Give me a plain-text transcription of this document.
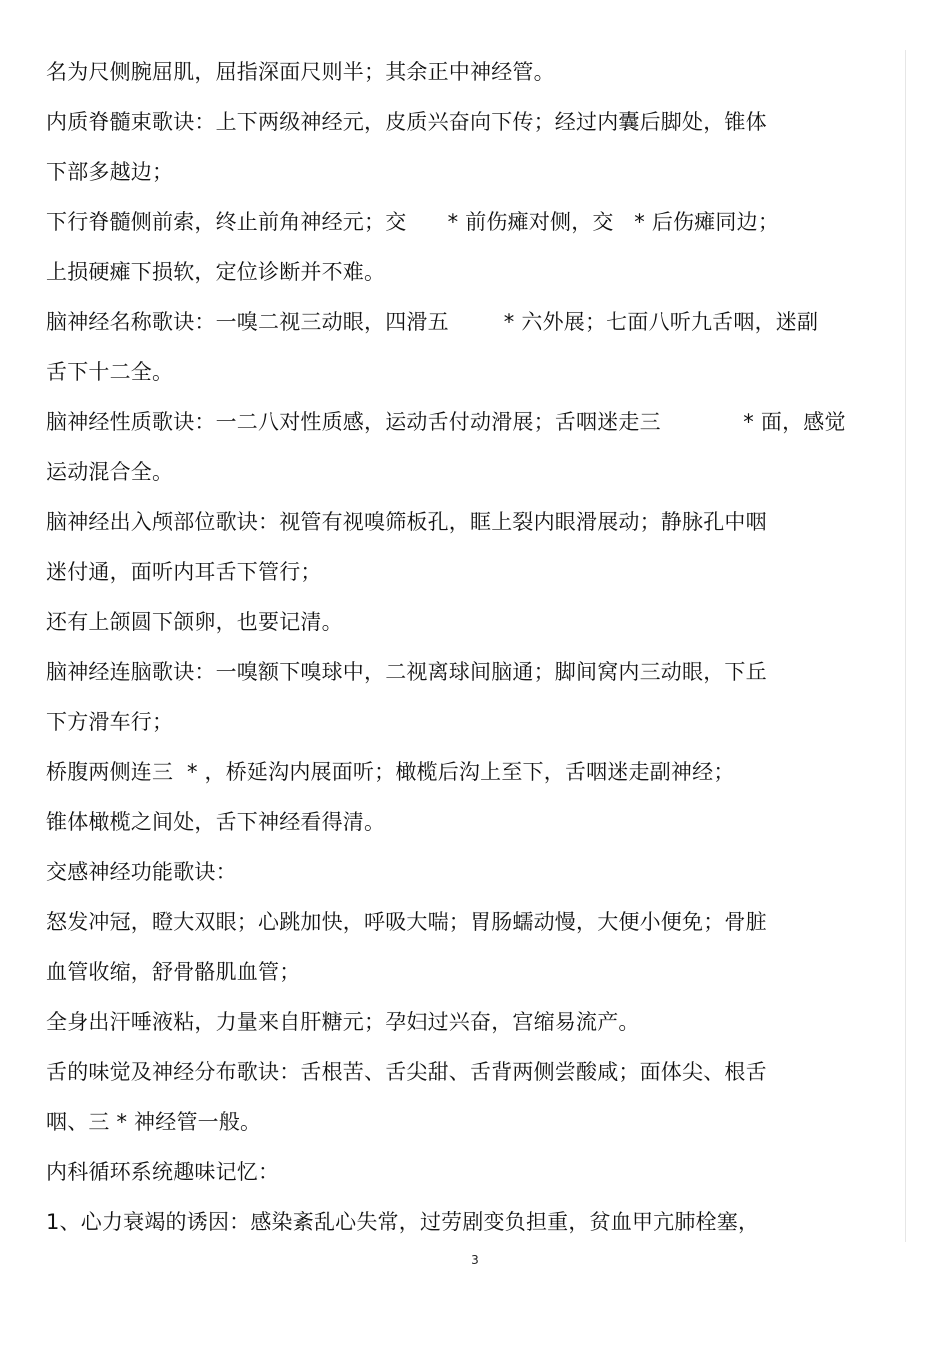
名为尺侧腕屈肌，屈指深面尺则半；其余正中神经管。
内质脊髓束歌诀：上下两级神经元，皮质兴奋向下传；经过内囊后脚处，锥体
下部多越边；
下行脊髓侧前索，终止前角神经元；交      * 前伤瘫对侧，交   * 后伤瘫同边；
上损硬瘫下损软，定位诊断并不难。
脑神经名称歌诀：一嗅二视三动眼，四滑五        * 六外展；七面八听九舌咽，迷副
舌下十二全。
脑神经性质歌诀：一二八对性质感，运动舌付动滑展；舌咽迷走三            * 面，感觉
运动混合全。
脑神经出入颅部位歌诀：视管有视嗅筛板孔，眶上裂内眼滑展动；静脉孔中咽
迷付通，面听内耳舌下管行；
还有上颌圆下颌卵，也要记清。
脑神经连脑歌诀：一嗅额下嗅球中，二视离球间脑通；脚间窝内三动眼，下丘
下方滑车行；
桥腹两侧连三  * ，桥延沟内展面听；橄榄后沟上至下，舌咽迷走副神经；
锥体橄榄之间处，舌下神经看得清。
交感神经功能歌诀：
怒发冲冠，瞪大双眼；心跳加快，呼吸大喘；胃肠蠕动慢，大便小便免；骨脏
血管收缩，舒骨骼肌血管；
全身出汗唾液粘，力量来自肝糖元；孕妇过兴奋，宫缩易流产。
舌的味觉及神经分布歌诀：舌根苦、舌尖甜、舌背两侧尝酸咸；面体尖、根舌
咽、三 * 神经管一般。
内科循环系统趣味记忆：
1、心力衰竭的诱因：感染紊乱心失常，过劳剧变负担重，贫血甲亢肺栓塞，
3
